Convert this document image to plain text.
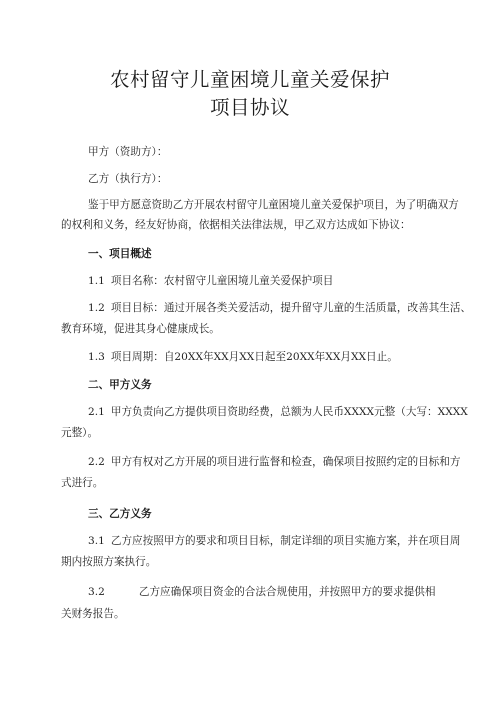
农村留守儿童困境儿童关爱保护
项目协议
甲方（资助方）：
乙方（执行方）：
鉴于甲方愿意资助乙方开展农村留守儿童困境儿童关爱保护项目，为了明确双方
的权利和义务，经友好协商，依据相关法律法规，甲乙双方达成如下协议：
一、项目概述
1.1 项目名称：农村留守儿童困境儿童关爱保护项目
1.2 项目目标：通过开展各类关爱活动，提升留守儿童的生活质量，改善其生活、
教育环境，促进其身心健康成长。
1.3 项目周期：自20XX年XX月XX日起至20XX年XX月XX日止。
二、甲方义务
2.1 甲方负责向乙方提供项目资助经费，总额为人民币XXXX元整（大写：XXXX
元整）。
2.2 甲方有权对乙方开展的项目进行监督和检查，确保项目按照约定的目标和方
式进行。
三、乙方义务
3.1 乙方应按照甲方的要求和项目目标，制定详细的项目实施方案，并在项目周
期内按照方案执行。
3.2	乙方应确保项目资金的合法合规使用，并按照甲方的要求提供相
关财务报告。
